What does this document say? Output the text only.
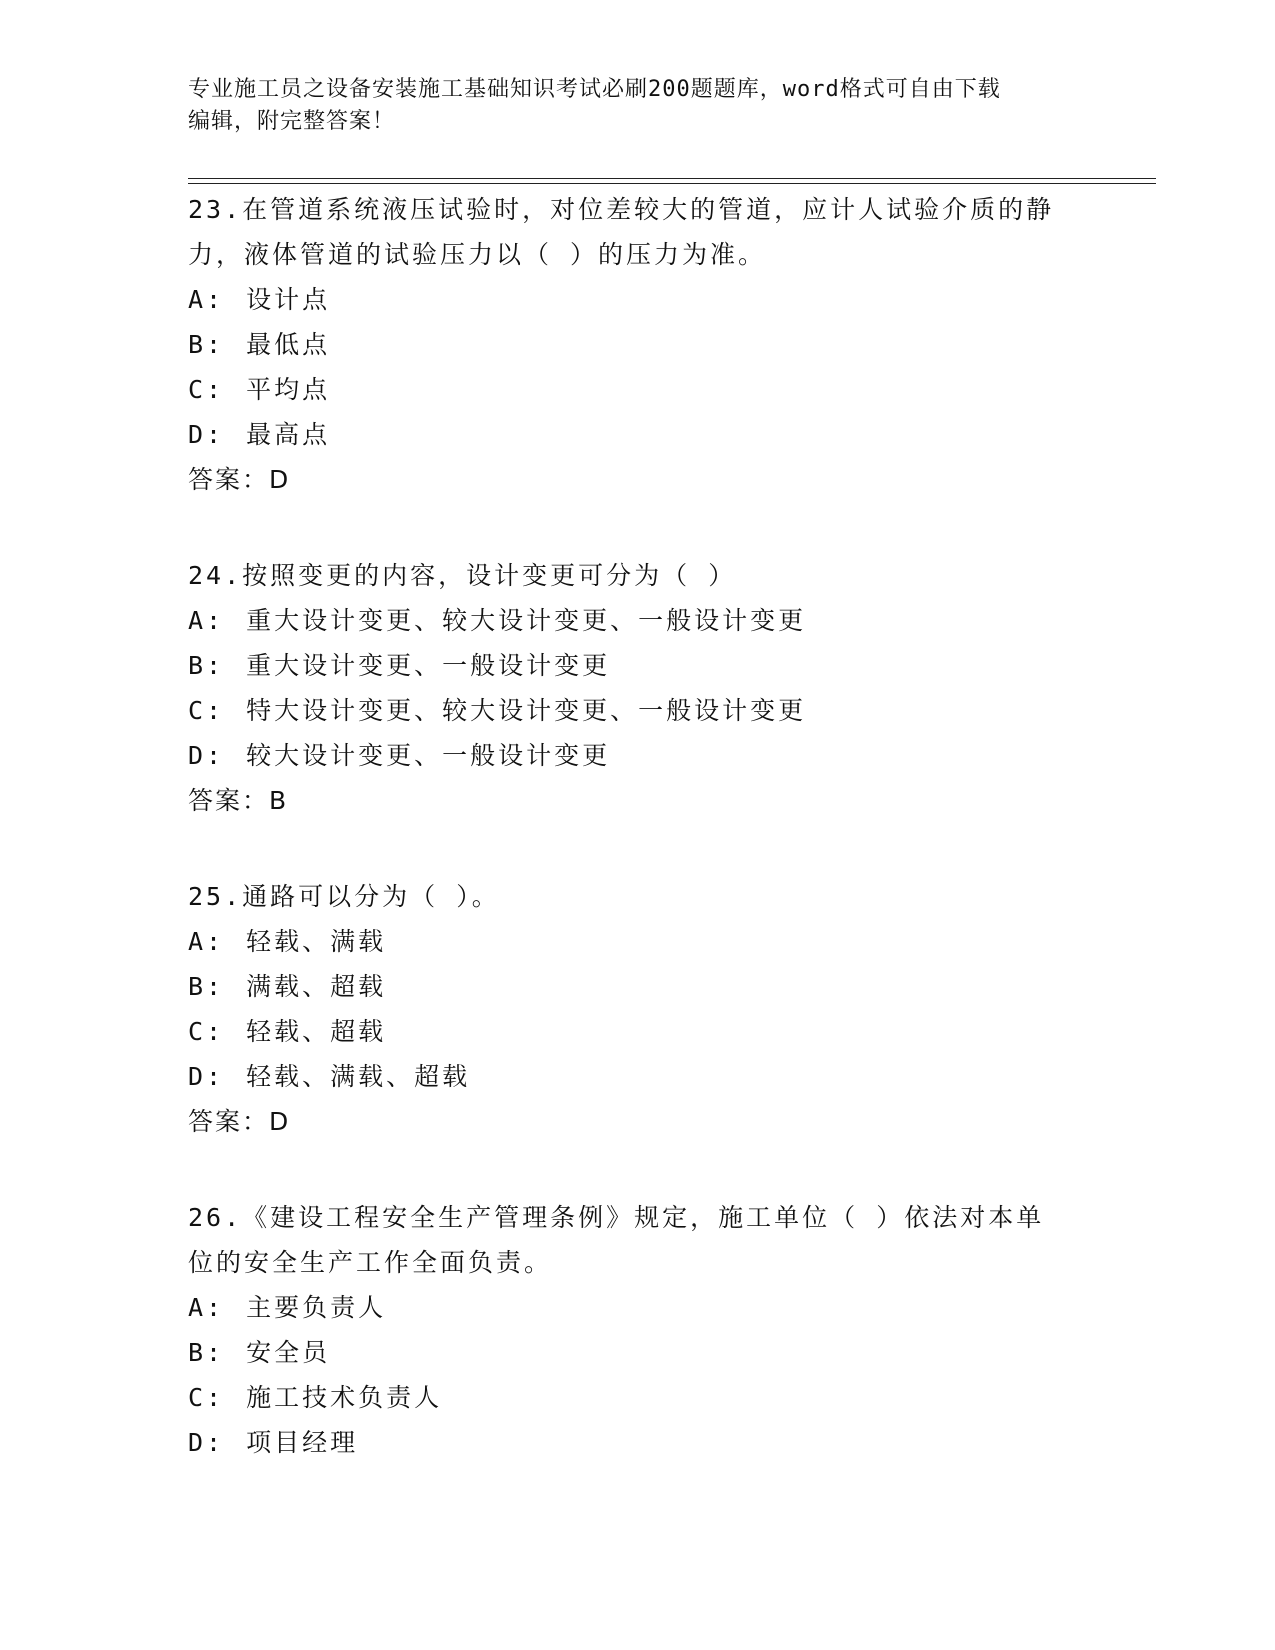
专业施工员之设备安装施工基础知识考试必刷200题题库，word格式可自由下载
编辑，附完整答案！
23.在管道系统液压试验时，对位差较大的管道，应计人试验介质的静
力，液体管道的试验压力以（ ）的压力为准。
A: 设计点
B: 最低点
C: 平均点
D: 最高点
答案：D
24.按照变更的内容，设计变更可分为（ ）
A: 重大设计变更、较大设计变更、一般设计变更
B: 重大设计变更、一般设计变更
C: 特大设计变更、较大设计变更、一般设计变更
D: 较大设计变更、一般设计变更
答案：B
25.通路可以分为（ ）。
A: 轻载、满载
B: 满载、超载
C: 轻载、超载
D: 轻载、满载、超载
答案：D
26.《建设工程安全生产管理条例》规定，施工单位（ ）依法对本单
位的安全生产工作全面负责。
A: 主要负责人
B: 安全员
C: 施工技术负责人
D: 项目经理
